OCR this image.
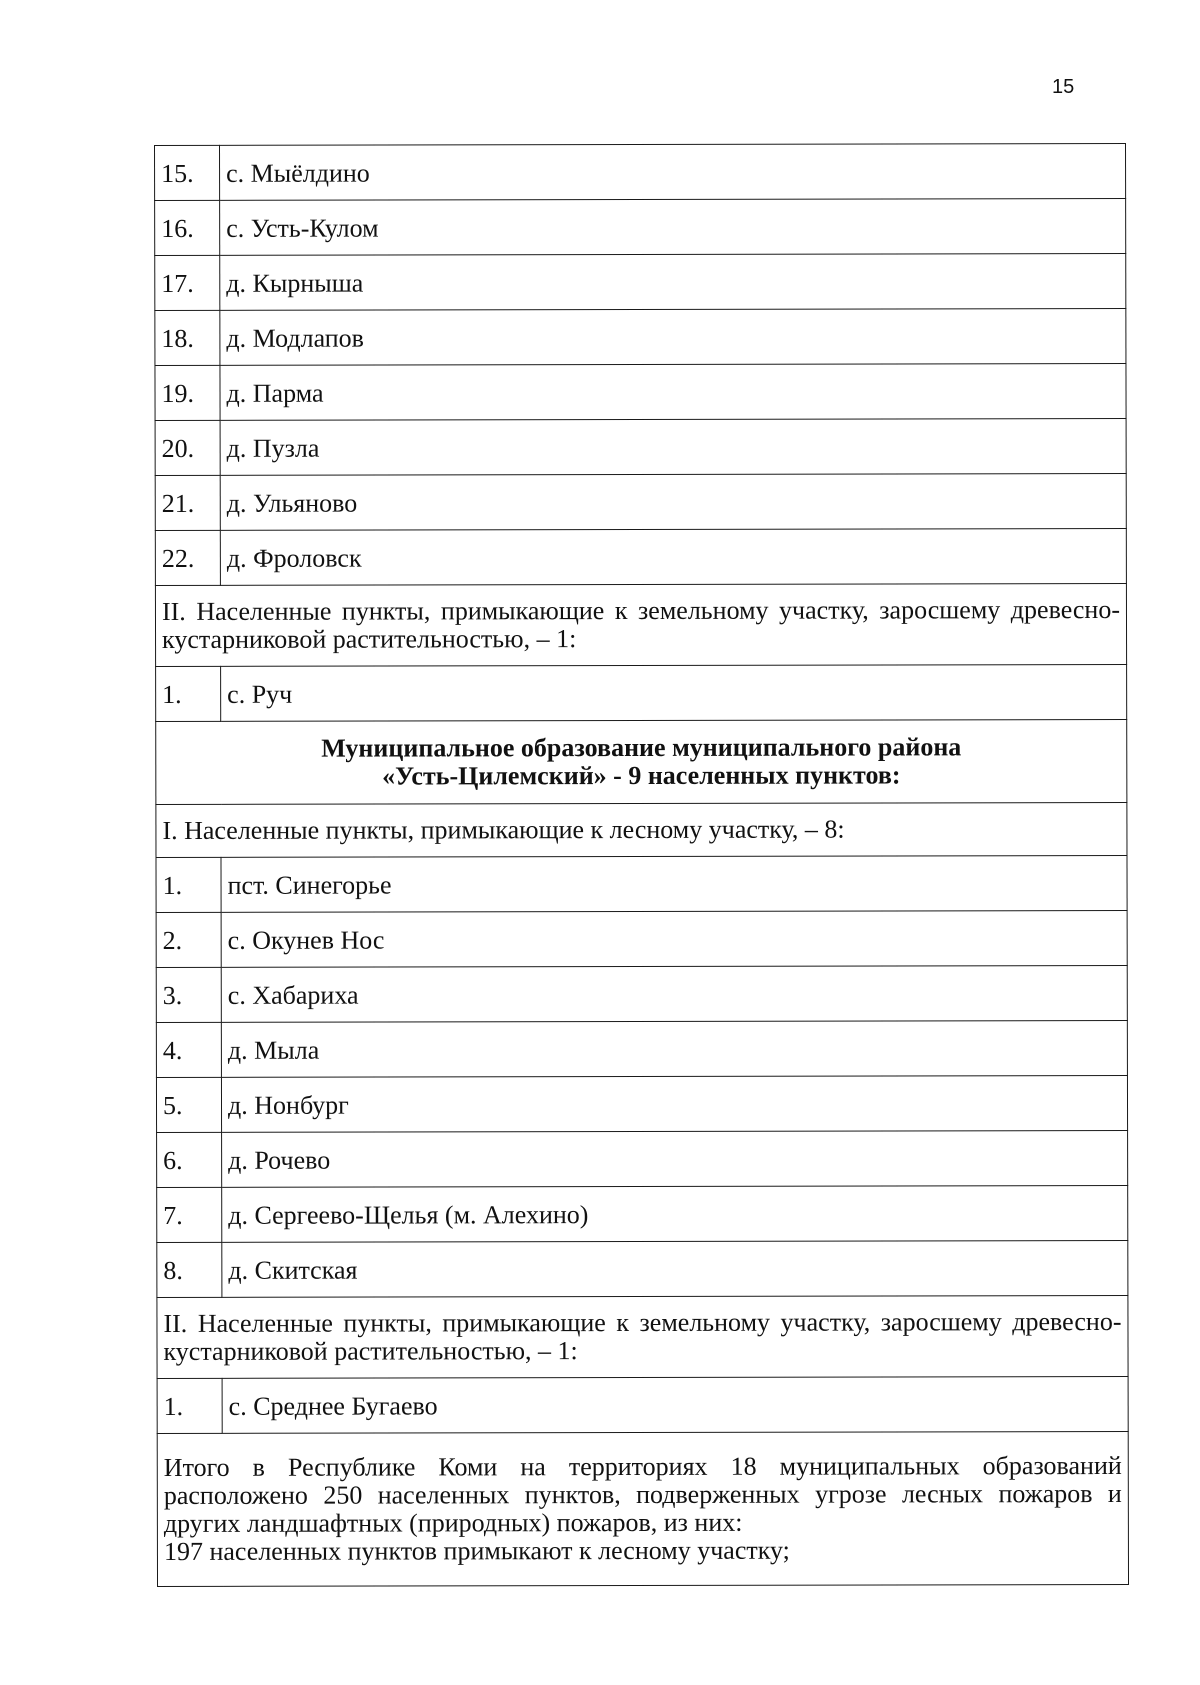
15
15.	с. Мыёлдино
16.	с. Усть-Кулом
17.	д. Кырныша
18.	д. Модлапов
19.	д. Парма
20.	д. Пузла
21.	д. Ульяново
22.	д. Фроловск
II. Населенные пункты, примыкающие к земельному участку, заросшему древесно-кустарниковой растительностью, – 1:	
1.	с. Руч
Муниципальное образование муниципального района
«Усть-Цилемский» - 9 населенных пунктов:	
I. Населенные пункты, примыкающие к лесному участку, – 8:	
1.	пст. Синегорье
2.	с. Окунев Нос
3.	с. Хабариха
4.	д. Мыла
5.	д. Нонбург
6.	д. Рочево
7.	д. Сергеево-Щелья (м. Алехино)
8.	д. Скитская
II. Населенные пункты, примыкающие к земельному участку, заросшему древесно-кустарниковой растительностью, – 1:	
1.	с. Среднее Бугаево

Итого в Республике Коми на территориях 18 муниципальных образований расположено 250 населенных пунктов, подверженных угрозе лесных пожаров и других ландшафтных (природных) пожаров, из них:
197 населенных пунктов примыкают к лесному участку;	
